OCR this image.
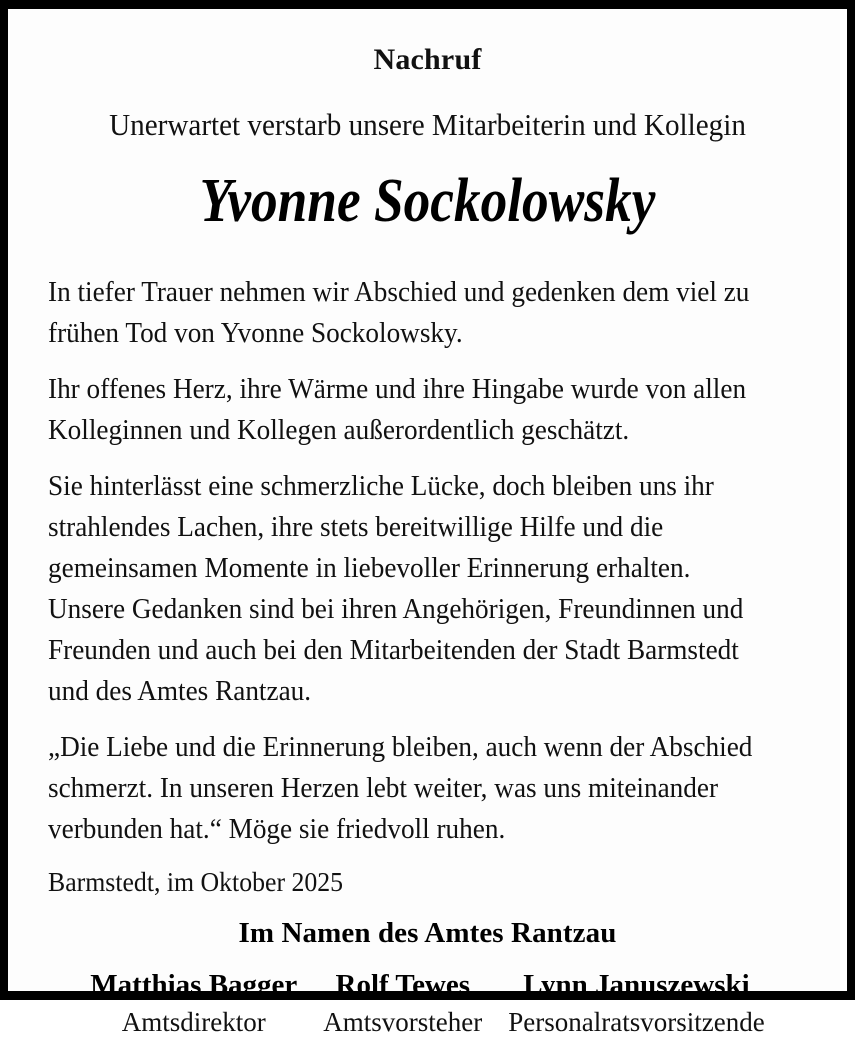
Nachruf
Unerwartet verstarb unsere Mitarbeiterin und Kollegin
Yvonne Sockolowsky

In tiefer Trauer nehmen wir Abschied und gedenken dem viel zu frühen Tod von Yvonne Sockolowsky.

Ihr offenes Herz, ihre Wärme und ihre Hingabe wurde von allen Kolleginnen und Kollegen außerordentlich geschätzt.

Sie hinterlässt eine schmerzliche Lücke, doch bleiben uns ihr strahlendes Lachen, ihre stets bereitwillige Hilfe und die gemeinsamen Momente in liebevoller Erinnerung erhalten. Unsere Gedanken sind bei ihren Angehörigen, Freundinnen und Freunden und auch bei den Mitarbeitenden der Stadt Barmstedt und des Amtes Rantzau.

„Die Liebe und die Erinnerung bleiben, auch wenn der Abschied schmerzt. In unseren Herzen lebt weiter, was uns miteinander verbunden hat.“ Möge sie friedvoll ruhen.

Barmstedt, im Oktober 2025

Im Namen des Amtes Rantzau
Matthias Bagger
Amtsdirektor
Rolf Tewes
Amtsvorsteher
Lynn Januszewski
Personalratsvorsitzende
